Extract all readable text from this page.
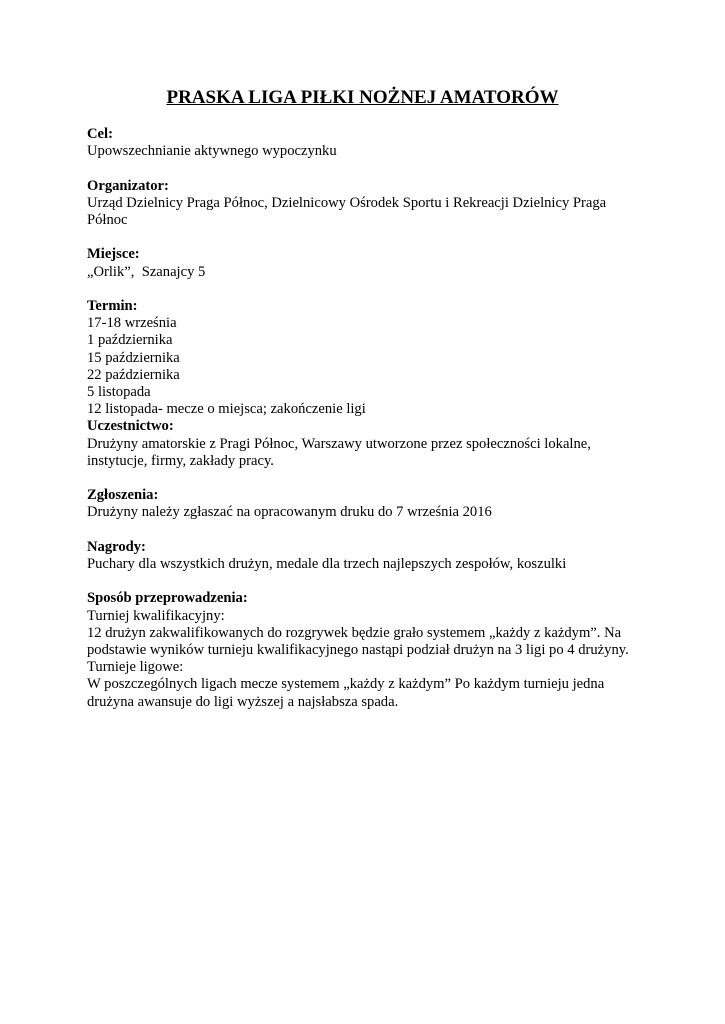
PRASKA LIGA PIŁKI NOŻNEJ AMATORÓW
Cel:
Upowszechnianie aktywnego wypoczynku
Organizator:
Urząd Dzielnicy Praga Północ, Dzielnicowy Ośrodek Sportu i Rekreacji Dzielnicy Praga Północ
Miejsce:
„Orlik”,  Szanajcy 5
Termin:
17-18 września
1 października
15 października
22 października
5 listopada
12 listopada- mecze o miejsca; zakończenie ligi
Uczestnictwo:
Drużyny amatorskie z Pragi Północ, Warszawy utworzone przez społeczności lokalne, instytucje, firmy, zakłady pracy.
Zgłoszenia:
Drużyny należy zgłaszać na opracowanym druku do 7 września 2016
Nagrody:
Puchary dla wszystkich drużyn, medale dla trzech najlepszych zespołów, koszulki
Sposób przeprowadzenia:
Turniej kwalifikacyjny:
12 drużyn zakwalifikowanych do rozgrywek będzie grało systemem „każdy z każdym”. Na podstawie wyników turnieju kwalifikacyjnego nastąpi podział drużyn na 3 ligi po 4 drużyny.
Turnieje ligowe:
W poszczególnych ligach mecze systemem „każdy z każdym” Po każdym turnieju jedna drużyna awansuje do ligi wyższej a najsłabsza spada.
